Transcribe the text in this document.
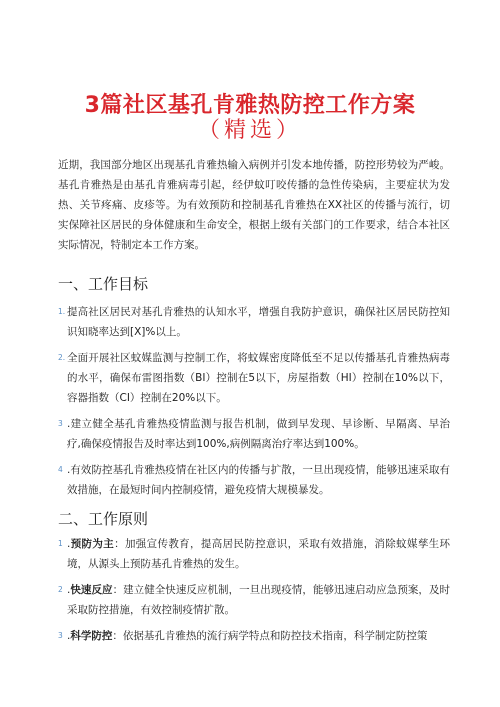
3篇社区基孔肯雅热防控工作方案
（精选）

近期，我国部分地区出现基孔肯雅热输入病例并引发本地传播，防控形势较为严峻。基孔肯雅热是由基孔肯雅病毒引起，经伊蚊叮咬传播的急性传染病，主要症状为发热、关节疼痛、皮疹等。为有效预防和控制基孔肯雅热在XX社区的传播与流行，切实保障社区居民的身体健康和生命安全，根据上级有关部门的工作要求，结合本社区实际情况，特制定本工作方案。

一、工作目标
1. 提高社区居民对基孔肯雅热的认知水平，增强自我防护意识，确保社区居民防控知识知晓率达到[X]%以上。
2. 全面开展社区蚊媒监测与控制工作，将蚊媒密度降低至不足以传播基孔肯雅热病毒的水平，确保布雷图指数（BI）控制在5以下，房屋指数（HI）控制在10%以下，容器指数（CI）控制在20%以下。
3 .建立健全基孔肯雅热疫情监测与报告机制，做到早发现、早诊断、早隔离、早治疗,确保疫情报告及时率达到100%,病例隔离治疗率达到100%。
4 .有效防控基孔肯雅热疫情在社区内的传播与扩散，一旦出现疫情，能够迅速采取有效措施，在最短时间内控制疫情，避免疫情大规模暴发。
二、工作原则
1 .预防为主：加强宣传教育，提高居民防控意识，采取有效措施，消除蚊媒孳生环境，从源头上预防基孔肯雅热的发生。
2 .快速反应：建立健全快速反应机制，一旦出现疫情，能够迅速启动应急预案，及时采取防控措施，有效控制疫情扩散。
3 .科学防控：依据基孔肯雅热的流行病学特点和防控技术指南，科学制定防控策
